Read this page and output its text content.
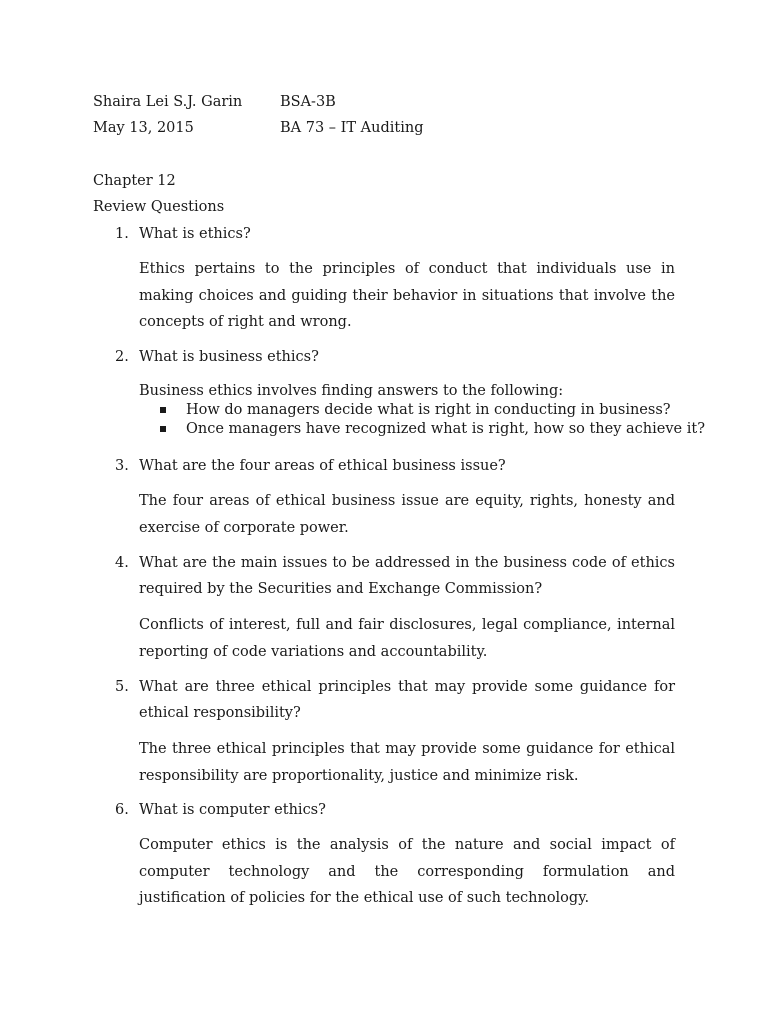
Shaira Lei S.J. Garin	BSA-3B
May 13, 2015	BA 73 – IT Auditing
Chapter 12
Review Questions
1. What is ethics?
Ethics pertains to the principles of conduct that individuals use in making choices and guiding their behavior in situations that involve the concepts of right and wrong.
2. What is business ethics?
Business ethics involves finding answers to the following:
How do managers decide what is right in conducting in business?
Once managers have recognized what is right, how so they achieve it?
3. What are the four areas of ethical business issue?
The four areas of ethical business issue are equity, rights, honesty and exercise of corporate power.
4. What are the main issues to be addressed in the business code of ethics required by the Securities and Exchange Commission?
Conflicts of interest, full and fair disclosures, legal compliance, internal reporting of code variations and accountability.
5. What are three ethical principles that may provide some guidance for ethical responsibility?
The three ethical principles that may provide some guidance for ethical responsibility are proportionality, justice and minimize risk.
6. What is computer ethics?
Computer ethics is the analysis of the nature and social impact of computer technology and the corresponding formulation and justification of policies for the ethical use of such technology.
